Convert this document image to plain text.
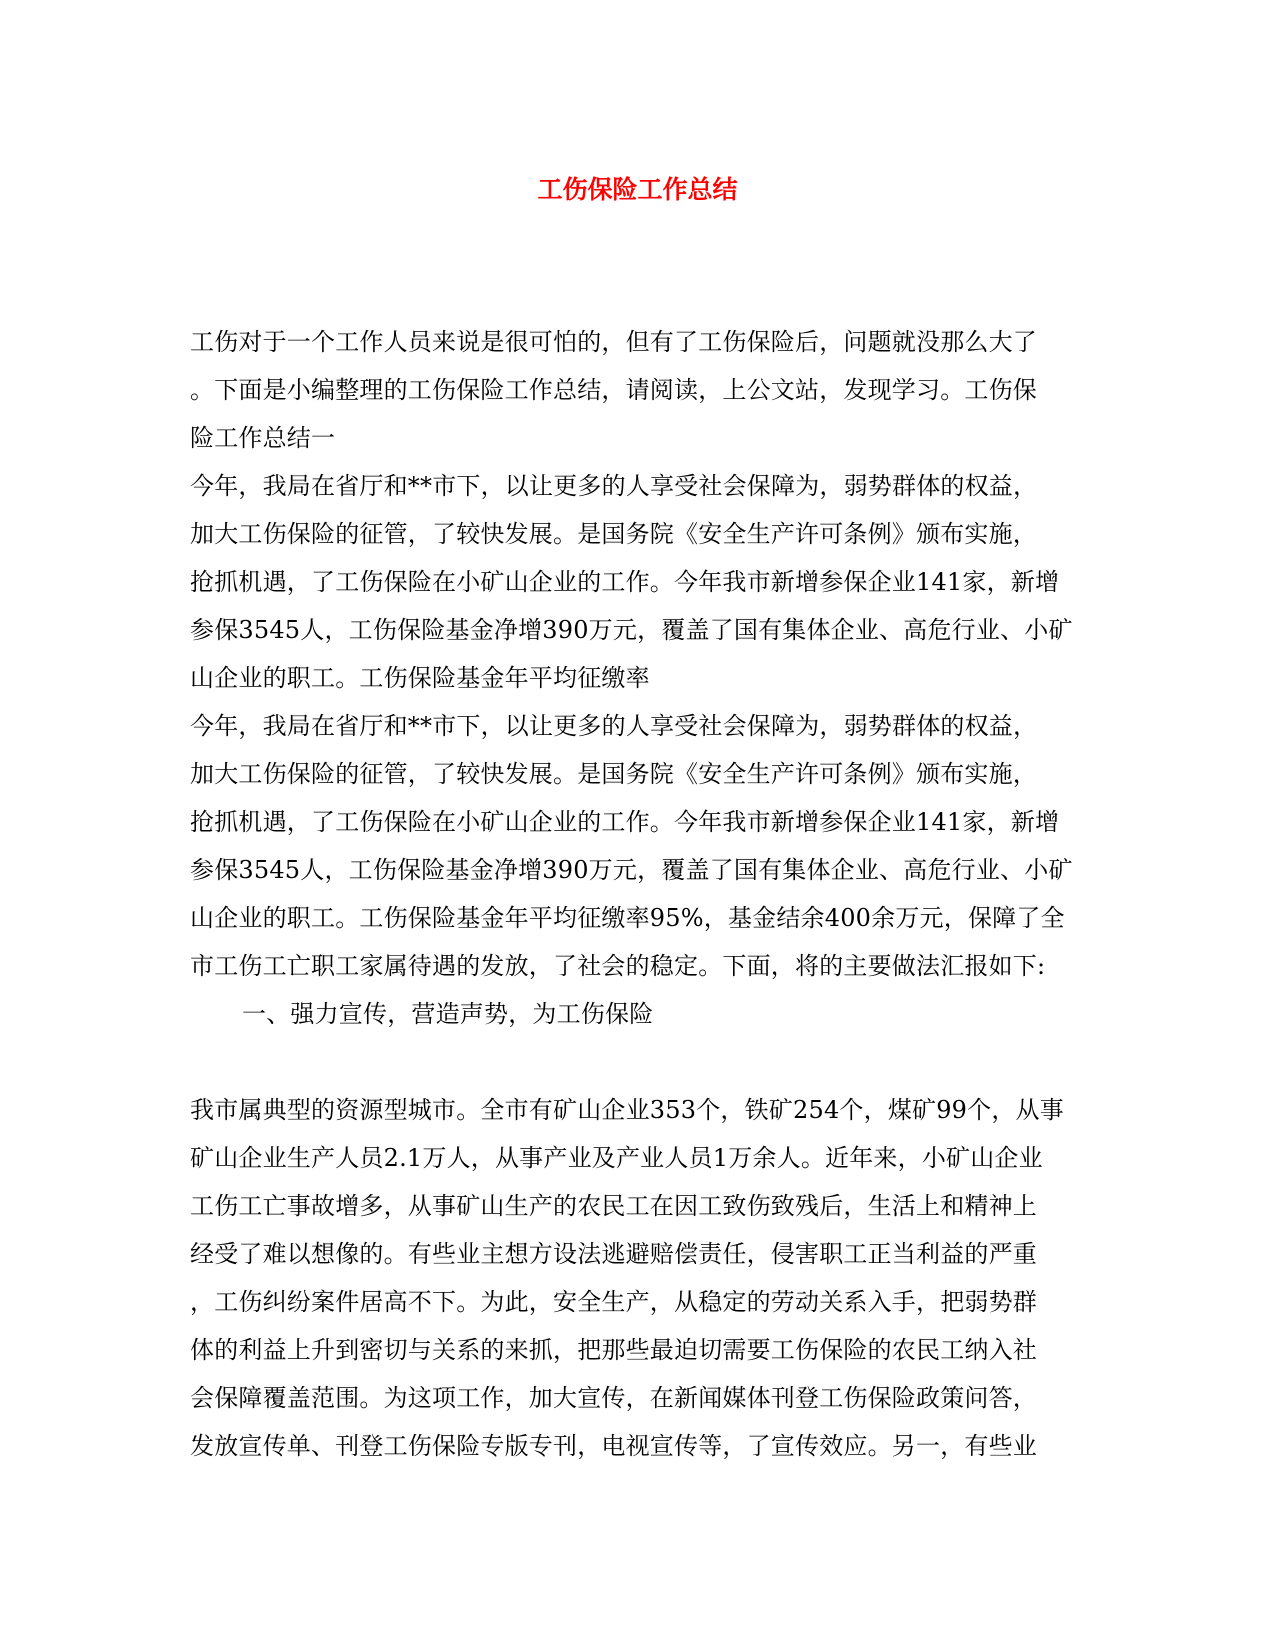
工伤保险工作总结
工伤对于一个工作人员来说是很可怕的，但有了工伤保险后，问题就没那么大了
。下面是小编整理的工伤保险工作总结，请阅读，上公文站，发现学习。工伤保
险工作总结一
今年，我局在省厅和**市下，以让更多的人享受社会保障为，弱势群体的权益，
加大工伤保险的征管，了较快发展。是国务院《安全生产许可条例》颁布实施，
抢抓机遇，了工伤保险在小矿山企业的工作。今年我市新增参保企业141家，新增
参保3545人，工伤保险基金净增390万元，覆盖了国有集体企业、高危行业、小矿
山企业的职工。工伤保险基金年平均征缴率
今年，我局在省厅和**市下，以让更多的人享受社会保障为，弱势群体的权益，
加大工伤保险的征管，了较快发展。是国务院《安全生产许可条例》颁布实施，
抢抓机遇，了工伤保险在小矿山企业的工作。今年我市新增参保企业141家，新增
参保3545人，工伤保险基金净增390万元，覆盖了国有集体企业、高危行业、小矿
山企业的职工。工伤保险基金年平均征缴率95%，基金结余400余万元，保障了全
市工伤工亡职工家属待遇的发放，了社会的稳定。下面，将的主要做法汇报如下:
一、强力宣传，营造声势，为工伤保险
我市属典型的资源型城市。全市有矿山企业353个，铁矿254个，煤矿99个，从事
矿山企业生产人员2.1万人，从事产业及产业人员1万余人。近年来，小矿山企业
工伤工亡事故增多，从事矿山生产的农民工在因工致伤致残后，生活上和精神上
经受了难以想像的。有些业主想方设法逃避赔偿责任，侵害职工正当利益的严重
，工伤纠纷案件居高不下。为此，安全生产，从稳定的劳动关系入手，把弱势群
体的利益上升到密切与关系的来抓，把那些最迫切需要工伤保险的农民工纳入社
会保障覆盖范围。为这项工作，加大宣传，在新闻媒体刊登工伤保险政策问答，
发放宣传单、刊登工伤保险专版专刊，电视宣传等，了宣传效应。另一，有些业
